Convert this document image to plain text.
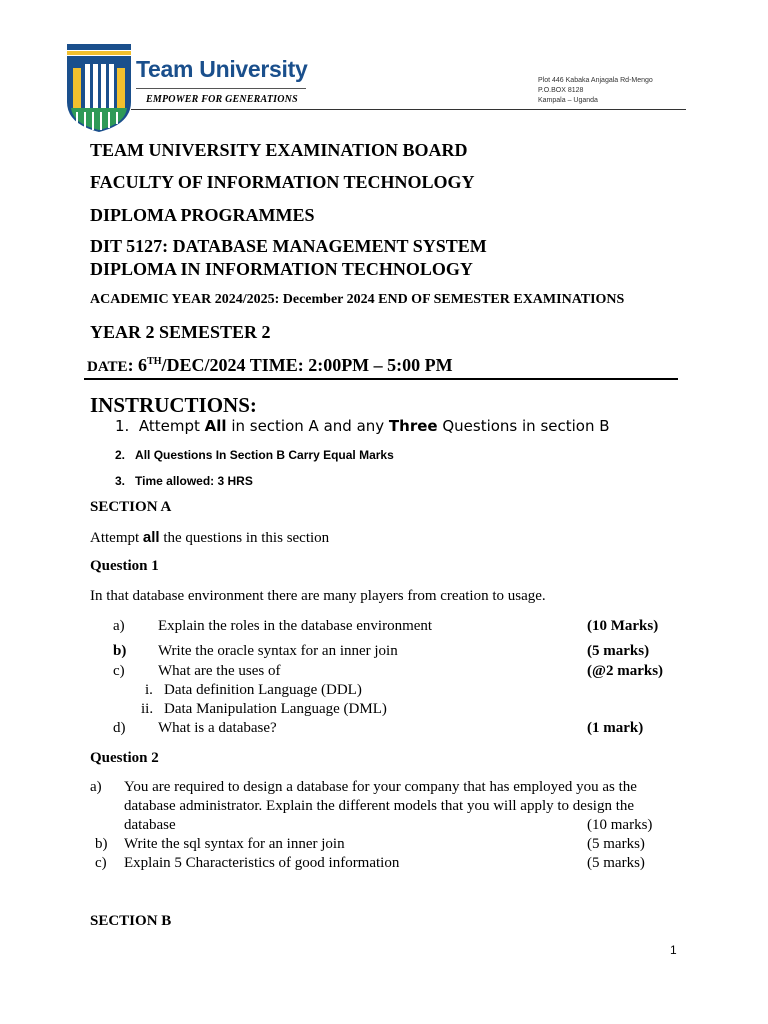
Team University
EMPOWER FOR GENERATIONS
Plot 446 Kabaka Anjagala Rd-Mengo
P.O.BOX 8128
Kampala – Uganda
TEAM UNIVERSITY EXAMINATION BOARD
FACULTY OF INFORMATION TECHNOLOGY
DIPLOMA PROGRAMMES
DIT 5127: DATABASE MANAGEMENT SYSTEM
DIPLOMA IN INFORMATION TECHNOLOGY
ACADEMIC YEAR 2024/2025: December 2024 END OF SEMESTER EXAMINATIONS
YEAR 2 SEMESTER 2
DATE: 6TH/DEC/2024 TIME: 2:00PM – 5:00 PM
INSTRUCTIONS:
1. Attempt All in section A and any Three Questions in section B
2. All Questions In Section B Carry Equal Marks
3. Time allowed: 3 HRS
SECTION A
Attempt all the questions in this section
Question 1
In that database environment there are many players from creation to usage.
a) Explain the roles in the database environment	(10 Marks)
b) Write the oracle syntax for an inner join	(5 marks)
c) What are the uses of	(@2 marks)
i. Data definition Language (DDL)
ii. Data Manipulation Language (DML)
d) What is a database?	(1 mark)
Question 2
a) You are required to design a database for your company that has employed you as the
database administrator. Explain the different models that you will apply to design the
database	(10 marks)
b) Write the sql syntax for an inner join	(5 marks)
c) Explain 5 Characteristics of good information	(5 marks)
SECTION B
1
